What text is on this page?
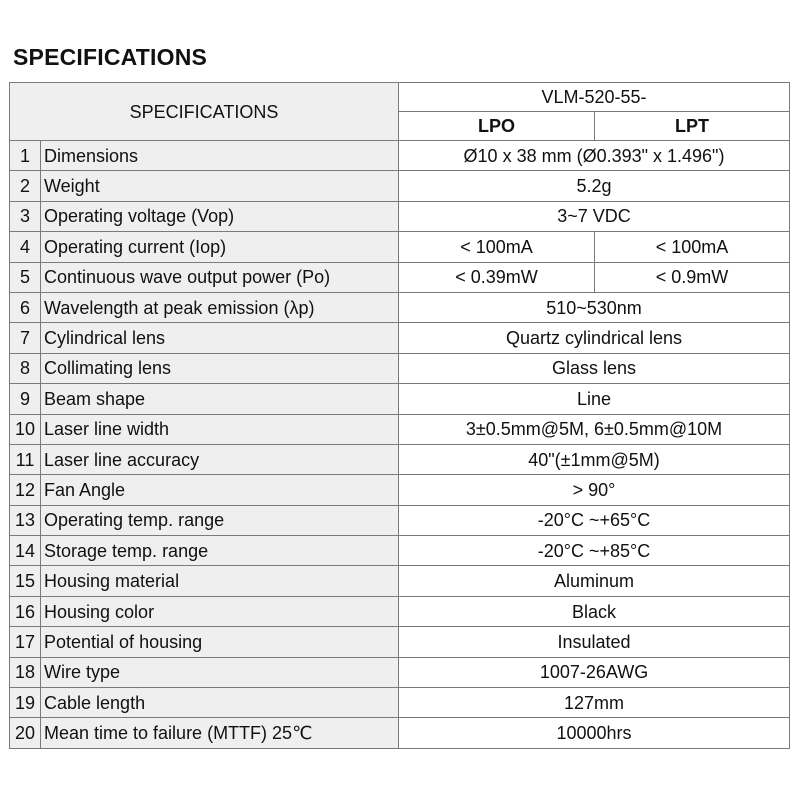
SPECIFICATIONS
SPECIFICATIONS		VLM-520-55-	
		LPO	LPT
1	Dimensions	Ø10 x 38 mm (Ø0.393" x 1.496")	
2	Weight	5.2g	
3	Operating voltage (Vop)	3~7 VDC	
4	Operating current (Iop)	< 100mA	< 100mA
5	Continuous wave output power (Po)	< 0.39mW	< 0.9mW
6	Wavelength at peak emission (λp)	510~530nm	
7	Cylindrical lens	Quartz cylindrical lens	
8	Collimating lens	Glass lens	
9	Beam shape	Line	
10	Laser line width	3±0.5mm@5M, 6±0.5mm@10M	
11	Laser line accuracy	40"(±1mm@5M)	
12	Fan Angle	> 90°	
13	Operating temp. range	-20°C ~+65°C	
14	Storage temp. range	-20°C ~+85°C	
15	Housing material	Aluminum	
16	Housing color	Black	
17	Potential of housing	Insulated	
18	Wire type	1007-26AWG	
19	Cable length	127mm	
20	Mean time to failure (MTTF) 25℃	10000hrs	
